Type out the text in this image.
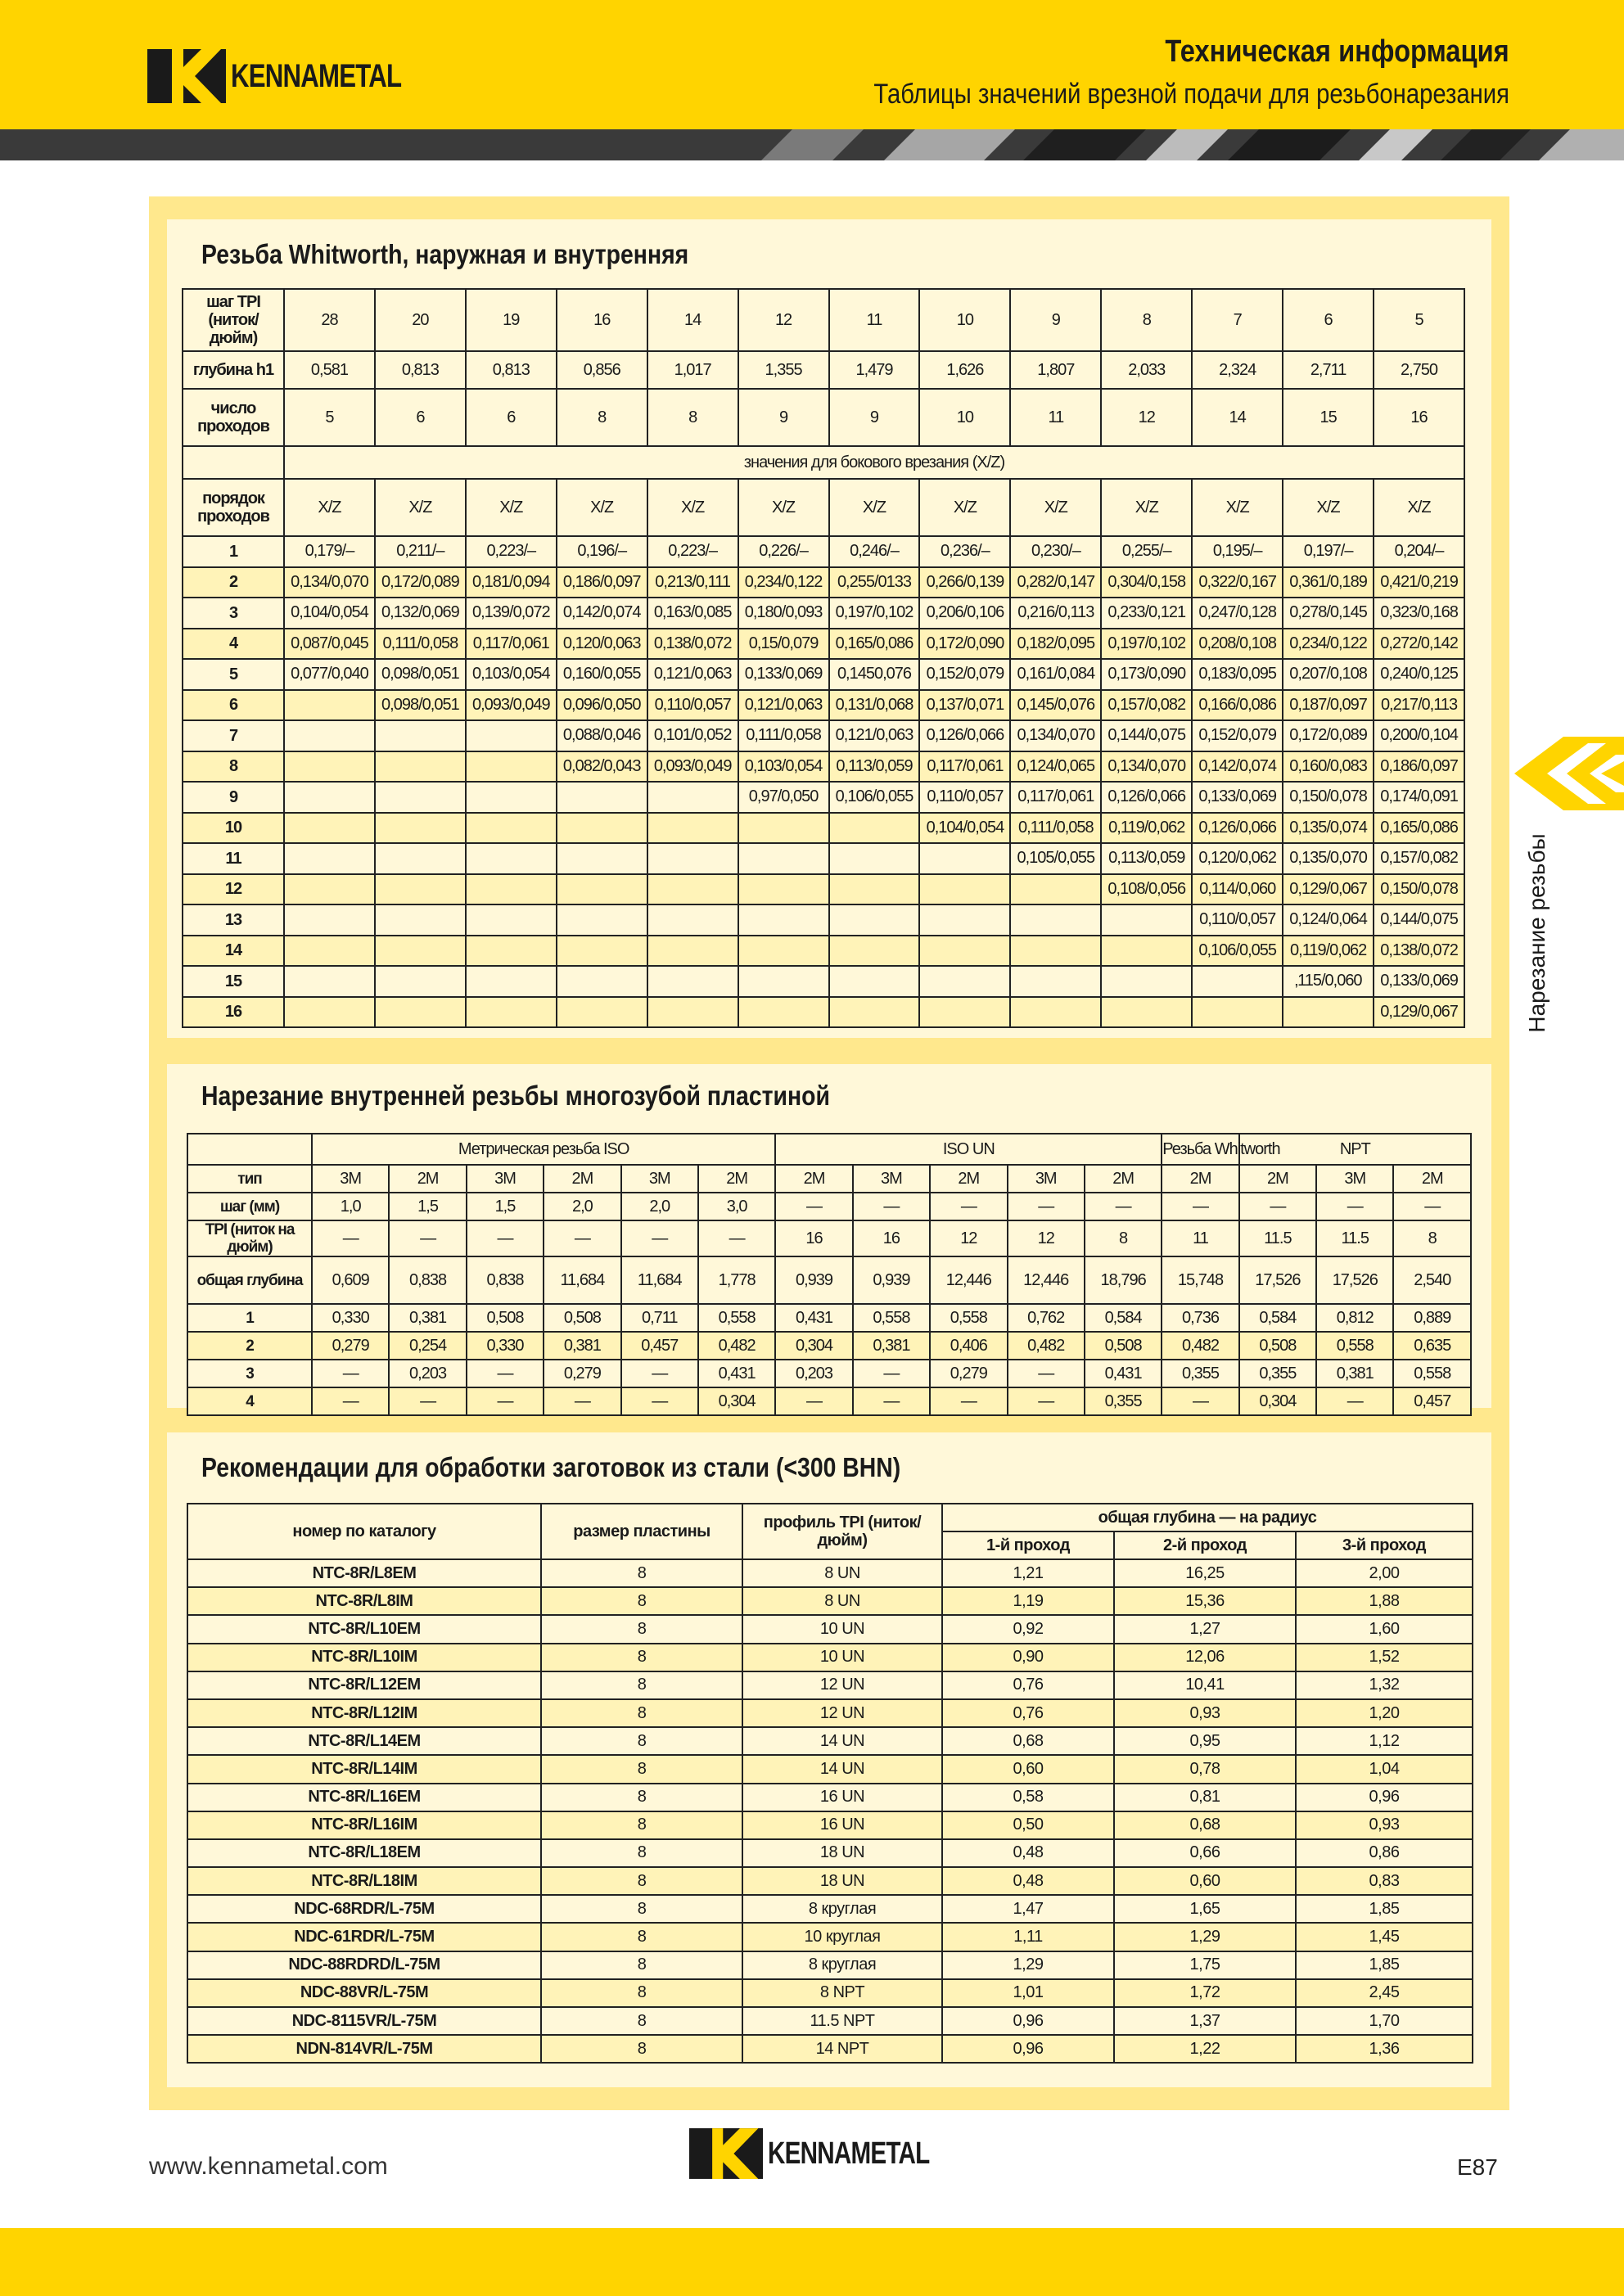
KENNAMETAL
Техническая информация
Таблицы значений врезной подачи для резьбонарезания
Нарезание резьбы
Резьба Whitworth, наружная и внутренняя
шаг TPI (ниток/ дюйм)	28	20	19	16	14	12	11	10	9	8	7	6	5
глубина h1	0,581	0,813	0,813	0,856	1,017	1,355	1,479	1,626	1,807	2,033	2,324	2,711	2,750
число проходов	5	6	6	8	8	9	9	10	11	12	14	15	16
	значения для бокового врезания (X/Z)												
порядок проходов	X/Z	X/Z	X/Z	X/Z	X/Z	X/Z	X/Z	X/Z	X/Z	X/Z	X/Z	X/Z	X/Z
1	0,179/–	0,211/–	0,223/–	0,196/–	0,223/–	0,226/–	0,246/–	0,236/–	0,230/–	0,255/–	0,195/–	0,197/–	0,204/–
2	0,134/0,070	0,172/0,089	0,181/0,094	0,186/0,097	0,213/0,111	0,234/0,122	0,255/0133	0,266/0,139	0,282/0,147	0,304/0,158	0,322/0,167	0,361/0,189	0,421/0,219
3	0,104/0,054	0,132/0,069	0,139/0,072	0,142/0,074	0,163/0,085	0,180/0,093	0,197/0,102	0,206/0,106	0,216/0,113	0,233/0,121	0,247/0,128	0,278/0,145	0,323/0,168
4	0,087/0,045	0,111/0,058	0,117/0,061	0,120/0,063	0,138/0,072	0,15/0,079	0,165/0,086	0,172/0,090	0,182/0,095	0,197/0,102	0,208/0,108	0,234/0,122	0,272/0,142
5	0,077/0,040	0,098/0,051	0,103/0,054	0,160/0,055	0,121/0,063	0,133/0,069	0,1450,076	0,152/0,079	0,161/0,084	0,173/0,090	0,183/0,095	0,207/0,108	0,240/0,125
6		0,098/0,051	0,093/0,049	0,096/0,050	0,110/0,057	0,121/0,063	0,131/0,068	0,137/0,071	0,145/0,076	0,157/0,082	0,166/0,086	0,187/0,097	0,217/0,113
7				0,088/0,046	0,101/0,052	0,111/0,058	0,121/0,063	0,126/0,066	0,134/0,070	0,144/0,075	0,152/0,079	0,172/0,089	0,200/0,104
8				0,082/0,043	0,093/0,049	0,103/0,054	0,113/0,059	0,117/0,061	0,124/0,065	0,134/0,070	0,142/0,074	0,160/0,083	0,186/0,097
9						0,97/0,050	0,106/0,055	0,110/0,057	0,117/0,061	0,126/0,066	0,133/0,069	0,150/0,078	0,174/0,091
10								0,104/0,054	0,111/0,058	0,119/0,062	0,126/0,066	0,135/0,074	0,165/0,086
11									0,105/0,055	0,113/0,059	0,120/0,062	0,135/0,070	0,157/0,082
12										0,108/0,056	0,114/0,060	0,129/0,067	0,150/0,078
13											0,110/0,057	0,124/0,064	0,144/0,075
14											0,106/0,055	0,119/0,062	0,138/0,072
15												‚115/0,060	0,133/0,069
16													0,129/0,067
Нарезание внутренней резьбы многозубой пластиной
	Метрическая резьба ISO						ISO UN					Резьба Whitworth	NPT		
тип	3M	2M	3M	2M	3M	2M	2M	3M	2M	3M	2M	2M	2M	3M	2M
шаг (мм)	1,0	1,5	1,5	2,0	2,0	3,0	—	—	—	—	—	—	—	—	—
TPI (ниток на дюйм)	—	—	—	—	—	—	16	16	12	12	8	11	11.5	11.5	8
общая глубина	0,609	0,838	0,838	11,684	11,684	1,778	0,939	0,939	12,446	12,446	18,796	15,748	17,526	17,526	2,540
1	0,330	0,381	0,508	0,508	0,711	0,558	0,431	0,558	0,558	0,762	0,584	0,736	0,584	0,812	0,889
2	0,279	0,254	0,330	0,381	0,457	0,482	0,304	0,381	0,406	0,482	0,508	0,482	0,508	0,558	0,635
3	—	0,203	—	0,279	—	0,431	0,203	—	0,279	—	0,431	0,355	0,355	0,381	0,558
4	—	—	—	—	—	0,304	—	—	—	—	0,355	—	0,304	—	0,457
Рекомендации для обработки заготовок из стали (<300 BHN)
номер по каталогу	размер пластины	профиль TPI (ниток/дюйм)	общая глубина — на радиус		
			1-й проход	2-й проход	3-й проход
NTC-8R/L8EM	8	8 UN	1,21	16,25	2,00
NTC-8R/L8IM	8	8 UN	1,19	15,36	1,88
NTC-8R/L10EM	8	10 UN	0,92	1,27	1,60
NTC-8R/L10IM	8	10 UN	0,90	12,06	1,52
NTC-8R/L12EM	8	12 UN	0,76	10,41	1,32
NTC-8R/L12IM	8	12 UN	0,76	0,93	1,20
NTC-8R/L14EM	8	14 UN	0,68	0,95	1,12
NTC-8R/L14IM	8	14 UN	0,60	0,78	1,04
NTC-8R/L16EM	8	16 UN	0,58	0,81	0,96
NTC-8R/L16IM	8	16 UN	0,50	0,68	0,93
NTC-8R/L18EM	8	18 UN	0,48	0,66	0,86
NTC-8R/L18IM	8	18 UN	0,48	0,60	0,83
NDC-68RDR/L-75M	8	8 круглая	1,47	1,65	1,85
NDC-61RDR/L-75M	8	10 круглая	1,11	1,29	1,45
NDC-88RDRD/L-75M	8	8 круглая	1,29	1,75	1,85
NDC-88VR/L-75M	8	8 NPT	1,01	1,72	2,45
NDC-8115VR/L-75M	8	11.5 NPT	0,96	1,37	1,70
NDN-814VR/L-75M	8	14 NPT	0,96	1,22	1,36
www.kennametal.com	KENNAMETAL	E87
